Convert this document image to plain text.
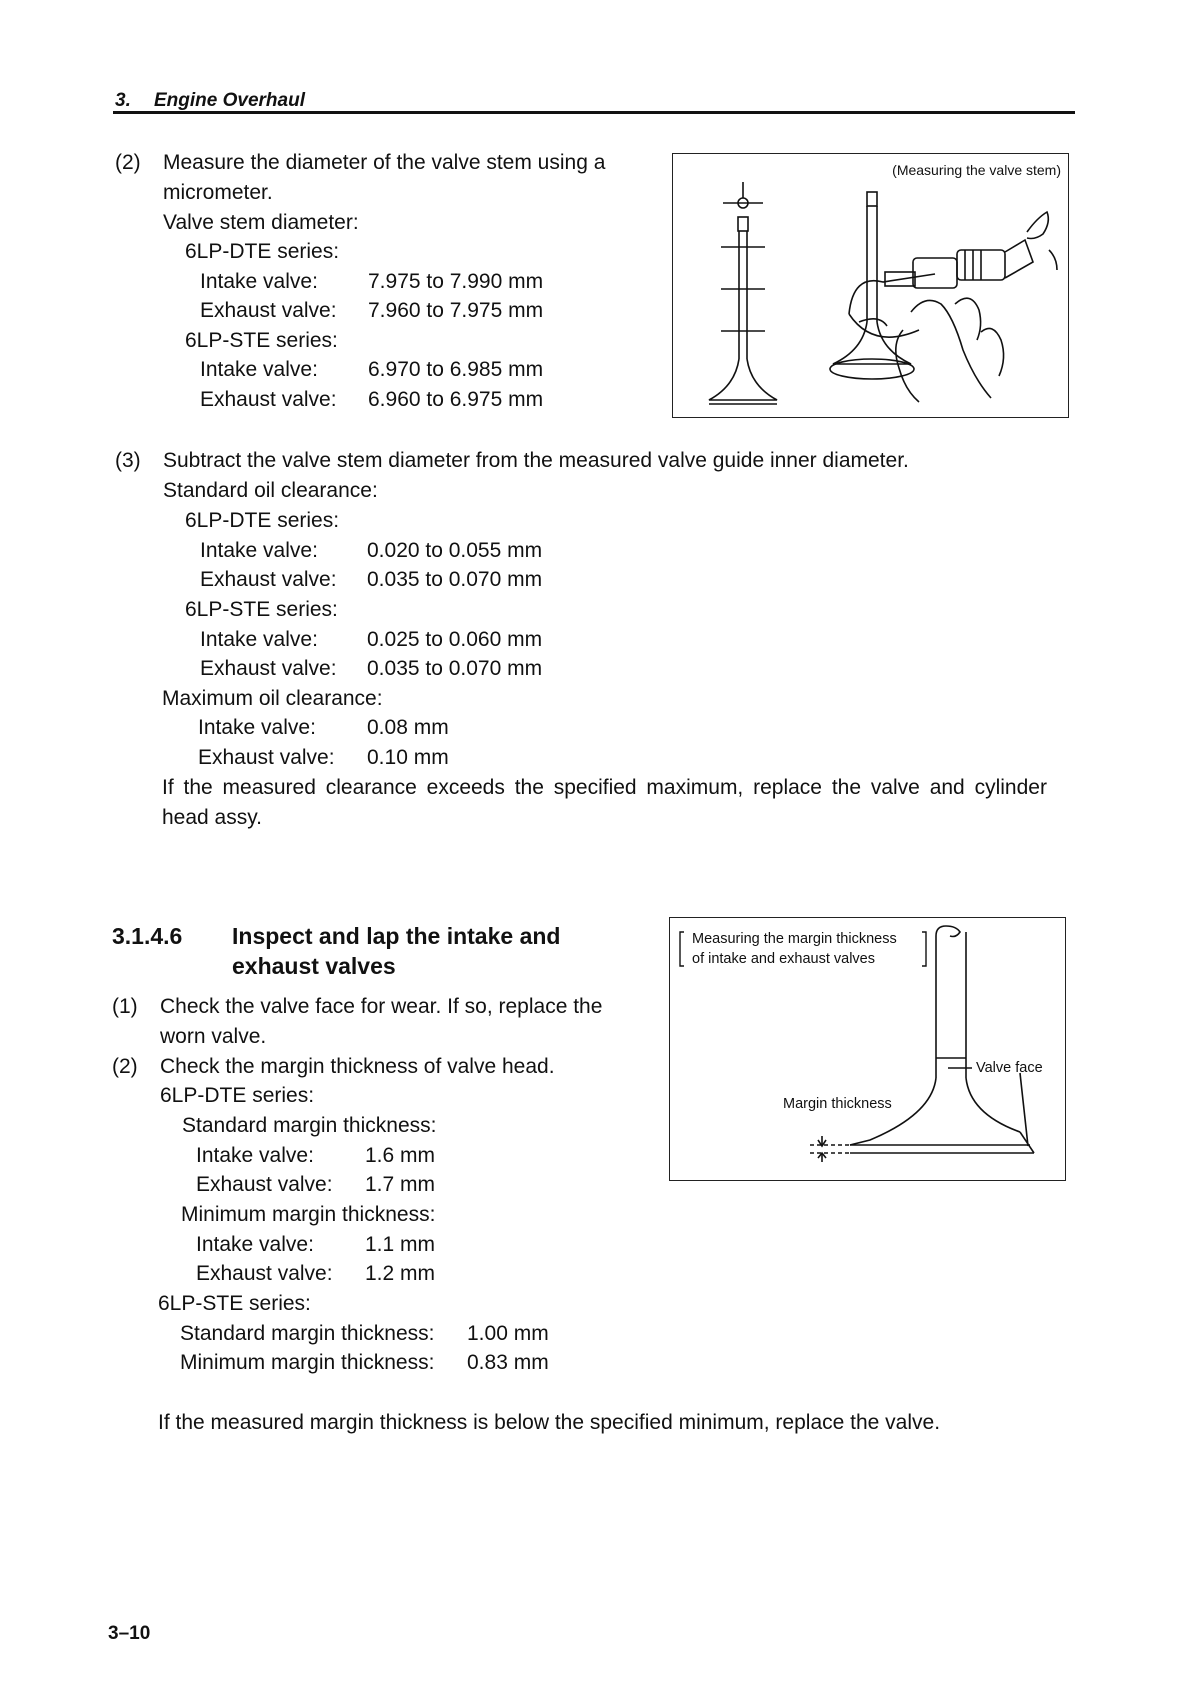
3. Engine Overhaul
(2) Measure the diameter of the valve stem using a
micrometer.
Valve stem diameter:
6LP-DTE series:
Intake valve: 7.975 to 7.990 mm
Exhaust valve: 7.960 to 7.975 mm
6LP-STE series:
Intake valve: 6.970 to 6.985 mm
Exhaust valve: 6.960 to 6.975 mm
(Measuring the valve stem)
(3) Subtract the valve stem diameter from the measured valve guide inner diameter.
Standard oil clearance:
6LP-DTE series:
Intake valve: 0.020 to 0.055 mm
Exhaust valve: 0.035 to 0.070 mm
6LP-STE series:
Intake valve: 0.025 to 0.060 mm
Exhaust valve: 0.035 to 0.070 mm
Maximum oil clearance:
Intake valve: 0.08 mm
Exhaust valve: 0.10 mm
If the measured clearance exceeds the specified maximum, replace the valve and cylinder
head assy.
3.1.4.6 Inspect and lap the intake and
exhaust valves
(1) Check the valve face for wear. If so, replace the
worn valve.
(2) Check the margin thickness of valve head.
6LP-DTE series:
Standard margin thickness:
Intake valve: 1.6 mm
Exhaust valve: 1.7 mm
Minimum margin thickness:
Intake valve: 1.1 mm
Exhaust valve: 1.2 mm
6LP-STE series:
Standard margin thickness: 1.00 mm
Minimum margin thickness: 0.83 mm
Measuring the margin thickness
of intake and exhaust valves
Valve face
Margin thickness
If the measured margin thickness is below the specified minimum, replace the valve.
3–10
